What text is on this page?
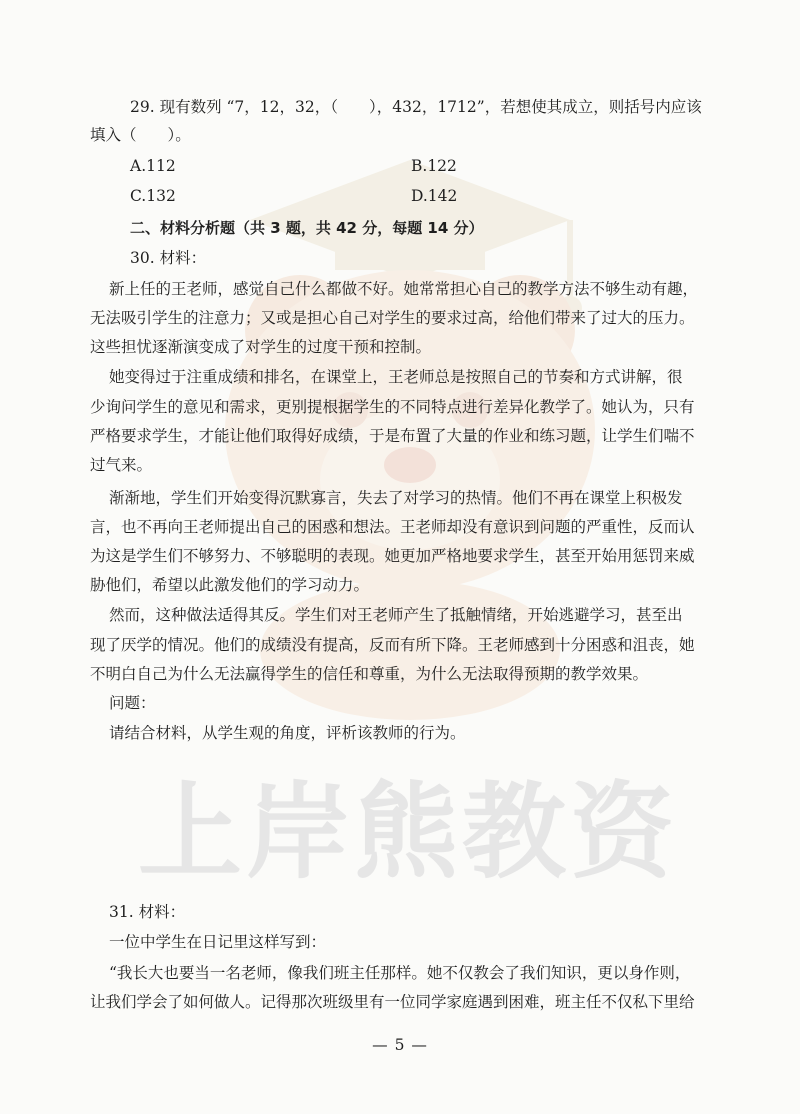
上岸熊教资
29. 现有数列 “7，12，32，（　　），432，1712”，若想使其成立，则括号内应该
填入（　　）。
A.112	B.122
C.132	D.142
二、材料分析题（共 3 题，共 42 分，每题 14 分）
30. 材料：
新上任的王老师，感觉自己什么都做不好。她常常担心自己的教学方法不够生动有趣，
无法吸引学生的注意力；又或是担心自己对学生的要求过高，给他们带来了过大的压力。
这些担忧逐渐演变成了对学生的过度干预和控制。
她变得过于注重成绩和排名，在课堂上，王老师总是按照自己的节奏和方式讲解，很
少询问学生的意见和需求，更别提根据学生的不同特点进行差异化教学了。她认为，只有
严格要求学生，才能让他们取得好成绩，于是布置了大量的作业和练习题，让学生们喘不
过气来。
渐渐地，学生们开始变得沉默寡言，失去了对学习的热情。他们不再在课堂上积极发
言，也不再向王老师提出自己的困惑和想法。王老师却没有意识到问题的严重性，反而认
为这是学生们不够努力、不够聪明的表现。她更加严格地要求学生，甚至开始用惩罚来威
胁他们，希望以此激发他们的学习动力。
然而，这种做法适得其反。学生们对王老师产生了抵触情绪，开始逃避学习，甚至出
现了厌学的情况。他们的成绩没有提高，反而有所下降。王老师感到十分困惑和沮丧，她
不明白自己为什么无法赢得学生的信任和尊重，为什么无法取得预期的教学效果。
问题：
请结合材料，从学生观的角度，评析该教师的行为。
31. 材料：
一位中学生在日记里这样写到：
“我长大也要当一名老师，像我们班主任那样。她不仅教会了我们知识，更以身作则，
让我们学会了如何做人。记得那次班级里有一位同学家庭遇到困难，班主任不仅私下里给
— 5 —
